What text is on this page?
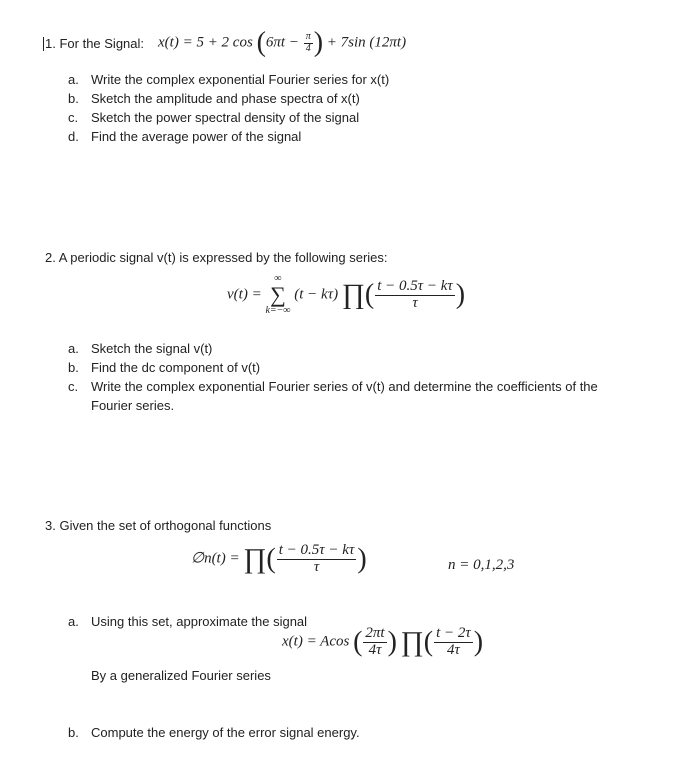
1. For the Signal: x(t) = 5 + 2 $\cos (6\pi t - \frac{\pi}{4}$ ) + 7sin (12πt)
a. Write the complex exponential Fourier series for x(t)
b. Sketch the amplitude and phase spectra of x(t)
c. Sketch the power spectral density of the signal
d. Find the average power of the signal
2. A periodic signal v(t) is expressed by the following series:
v(t) =
∞
∑
k=−∞
(t − kτ) ∏( $\frac{t - 0.5\tau - k\tau}{\tau}$ )
a. Sketch the signal v(t)
b. Find the dc component of v(t)
c. Write the complex exponential Fourier series of v(t) and determine the coefficients of the
Fourier series.
3. Given the set of orthogonal functions
∅n(t) = ∏( $\frac{t - 0.5\tau - k\tau}{\tau}$ )	n = 0,1,2,3
a. Using this set, approximate the signal
x(t) = Acos ( $\frac{2\pi t}{4\tau}$ ) ∏( $\frac{t - 2\tau}{4\tau}$ )
By a generalized Fourier series
b. Compute the energy of the error signal energy.
